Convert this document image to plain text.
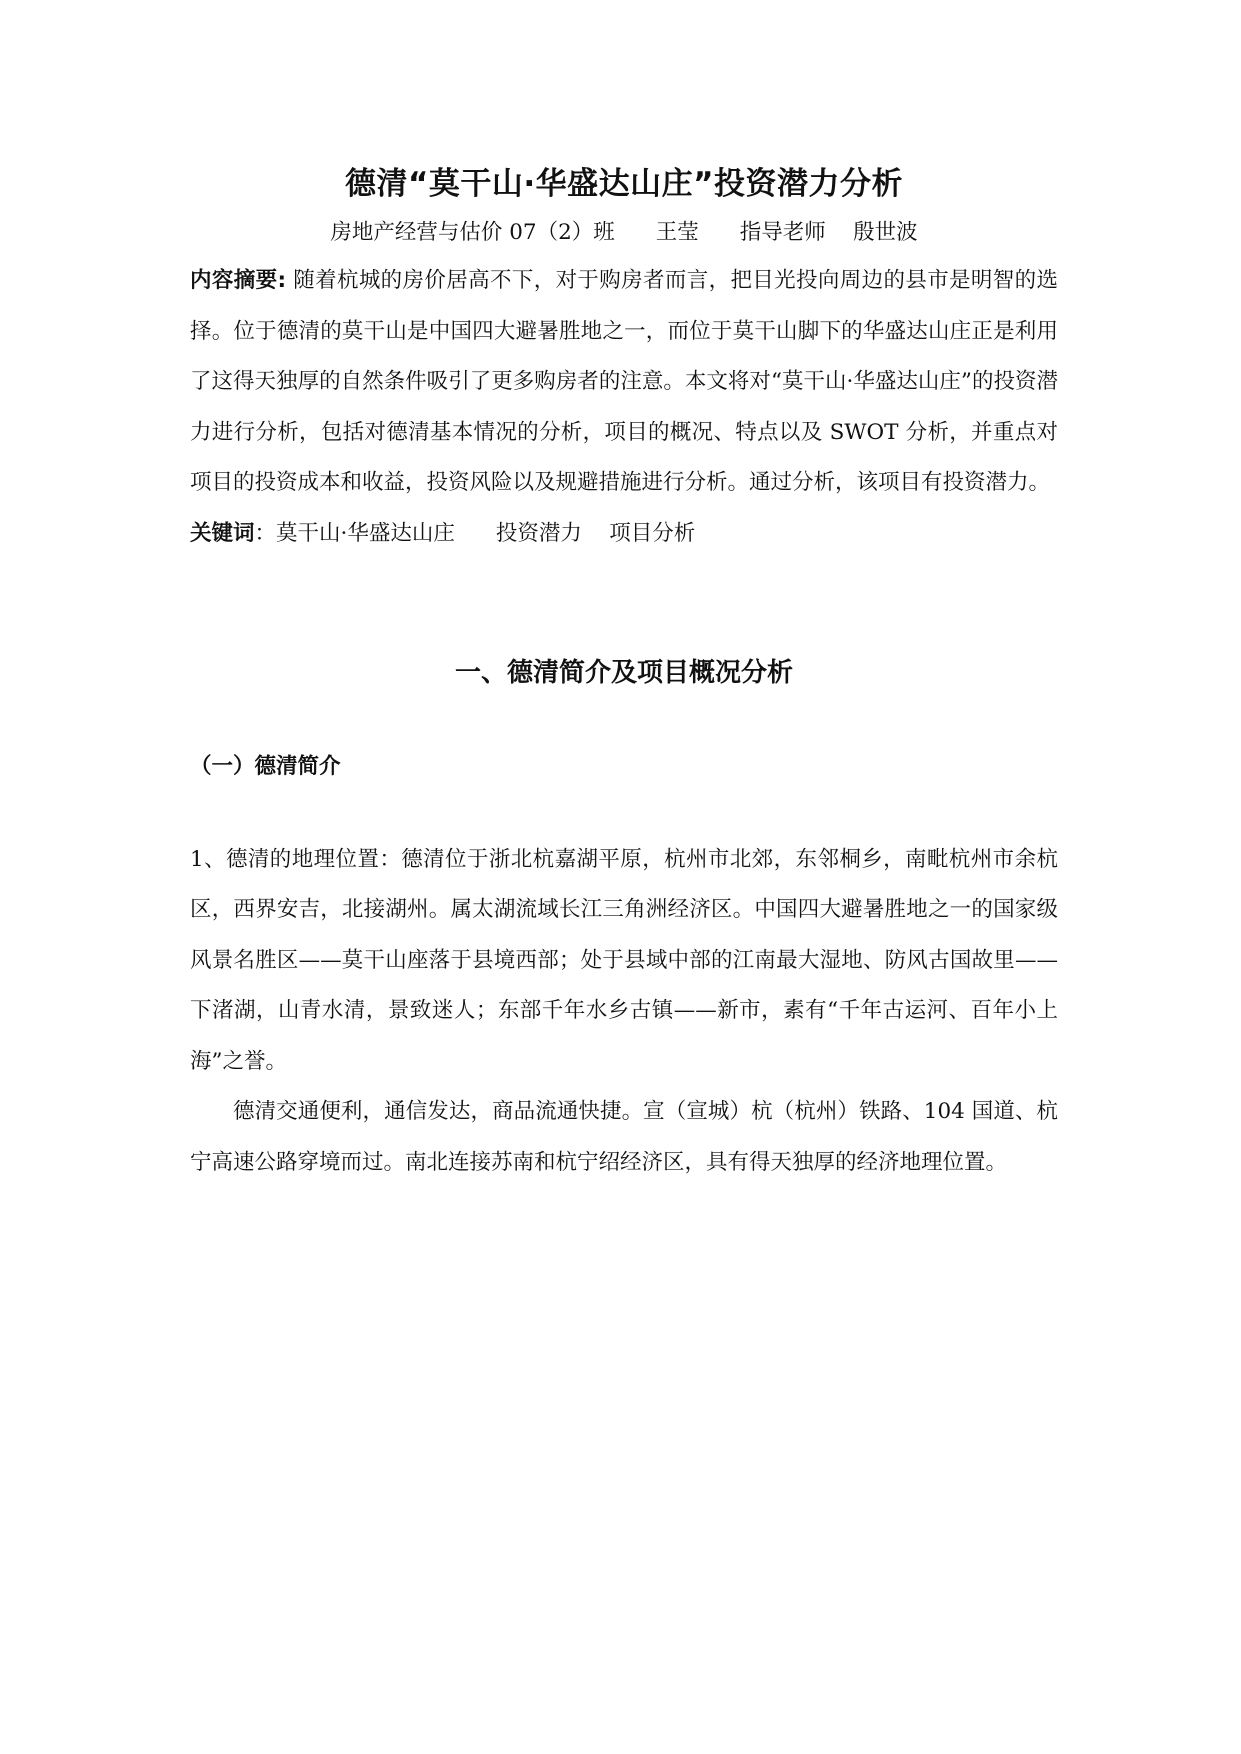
德清“莫干山·华盛达山庄”投资潜力分析

房地产经营与估价 07（2）班      王莹      指导老师    殷世波

内容摘要: 随着杭城的房价居高不下，对于购房者而言，把目光投向周边的县市是明智的选择。位于德清的莫干山是中国四大避暑胜地之一，而位于莫干山脚下的华盛达山庄正是利用了这得天独厚的自然条件吸引了更多购房者的注意。本文将对“莫干山·华盛达山庄”的投资潜力进行分析，包括对德清基本情况的分析，项目的概况、特点以及 SWOT 分析，并重点对项目的投资成本和收益，投资风险以及规避措施进行分析。通过分析，该项目有投资潜力。

关键词：莫干山·华盛达山庄      投资潜力    项目分析

一、德清简介及项目概况分析
（一）德清简介

1、德清的地理位置：德清位于浙北杭嘉湖平原，杭州市北郊，东邻桐乡，南毗杭州市余杭区，西界安吉，北接湖州。属太湖流域长江三角洲经济区。中国四大避暑胜地之一的国家级风景名胜区——莫干山座落于县境西部；处于县域中部的江南最大湿地、防风古国故里——下渚湖，山青水清，景致迷人；东部千年水乡古镇——新市，素有“千年古运河、百年小上海”之誉。

德清交通便利，通信发达，商品流通快捷。宣（宣城）杭（杭州）铁路、104 国道、杭宁高速公路穿境而过。南北连接苏南和杭宁绍经济区，具有得天独厚的经济地理位置。
